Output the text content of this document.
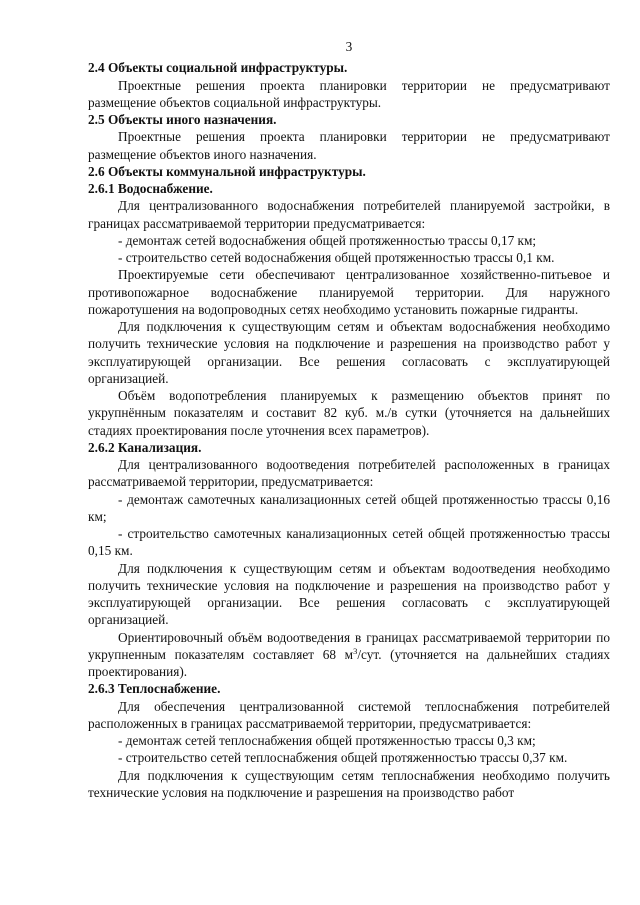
3

2.4 Объекты социальной инфраструктуры.

Проектные решения проекта планировки территории не предусматривают размещение объектов социальной инфраструктуры.

2.5 Объекты иного назначения.

Проектные решения проекта планировки территории не предусматривают размещение объектов иного назначения.

2.6 Объекты коммунальной инфраструктуры.

2.6.1 Водоснабжение.

Для централизованного водоснабжения потребителей планируемой застройки, в границах рассматриваемой территории предусматривается:

- демонтаж сетей водоснабжения общей протяженностью трассы 0,17 км;

- строительство сетей водоснабжения общей протяженностью трассы 0,1 км.

Проектируемые сети обеспечивают централизованное хозяйственно-питьевое и противопожарное водоснабжение планируемой территории. Для наружного пожаротушения на водопроводных сетях необходимо установить пожарные гидранты.

Для подключения к существующим сетям и объектам водоснабжения необходимо получить технические условия на подключение и разрешения на производство работ у эксплуатирующей организации. Все решения согласовать с эксплуатирующей организацией.

Объём водопотребления планируемых к размещению объектов принят по укрупнённым показателям и составит 82 куб. м./в сутки (уточняется на дальнейших стадиях проектирования после уточнения всех параметров).

2.6.2 Канализация.

Для централизованного водоотведения потребителей расположенных в границах рассматриваемой территории, предусматривается:

- демонтаж самотечных канализационных сетей общей протяженностью трассы 0,16 км;

- строительство самотечных канализационных сетей общей протяженностью трассы 0,15 км.

Для подключения к существующим сетям и объектам водоотведения необходимо получить технические условия на подключение и разрешения на производство работ у эксплуатирующей организации. Все решения согласовать с эксплуатирующей организацией.

Ориентировочный объём водоотведения в границах рассматриваемой территории по укрупненным показателям составляет 68 $м^3$/сут. (уточняется на дальнейших стадиях проектирования).

2.6.3 Теплоснабжение.

Для обеспечения централизованной системой теплоснабжения потребителей расположенных в границах рассматриваемой территории, предусматривается:

- демонтаж сетей теплоснабжения общей протяженностью трассы 0,3 км;

- строительство сетей теплоснабжения общей протяженностью трассы 0,37 км.

Для подключения к существующим сетям теплоснабжения необходимо получить технические условия на подключение и разрешения на производство работ
